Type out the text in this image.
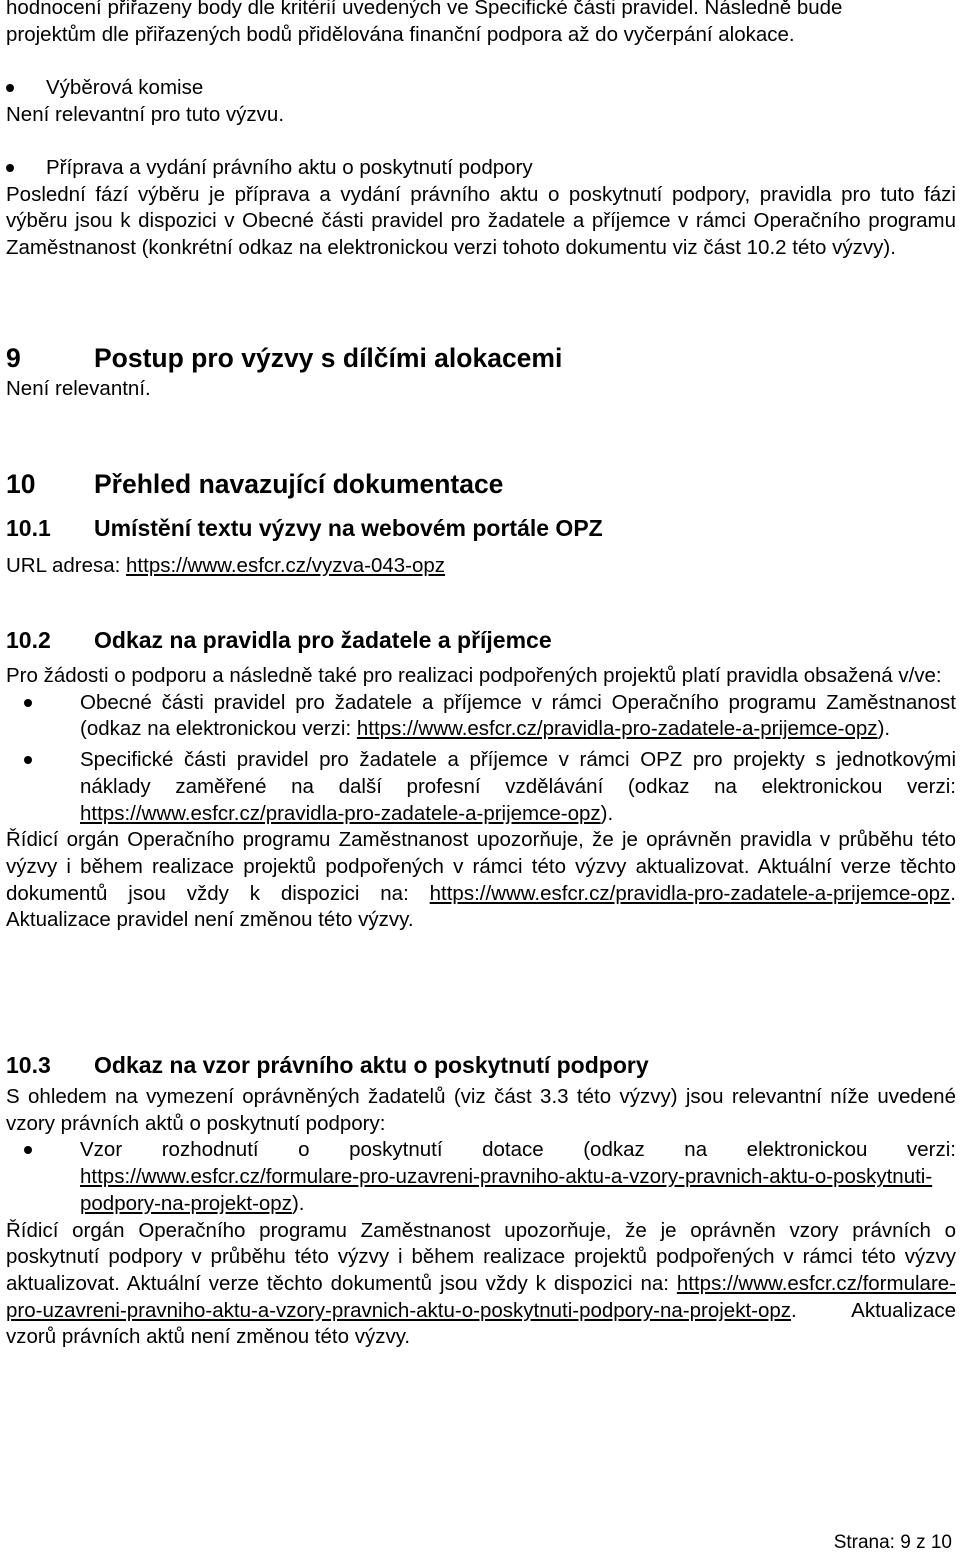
hodnocení přiřazeny body dle kritérií uvedených ve Specifické části pravidel. Následně bude

projektům dle přiřazených bodů přidělována finanční podpora až do vyčerpání alokace.

Výběrová komise

Není relevantní pro tuto výzvu.

Příprava a vydání právního aktu o poskytnutí podpory

Poslední fází výběru je příprava a vydání právního aktu o poskytnutí podpory, pravidla pro tuto fázi výběru jsou k dispozici v Obecné části pravidel pro žadatele a příjemce v rámci Operačního programu Zaměstnanost (konkrétní odkaz na elektronickou verzi tohoto dokumentu viz část 10.2 této výzvy).

9	Postup pro výzvy s dílčími alokacemi

Není relevantní.

10 Přehled navazující dokumentace
10.1 Umístění textu výzvy na webovém portále OPZ

URL adresa: https://www.esfcr.cz/vyzva-043-opz

10.2 Odkaz na pravidla pro žadatele a příjemce

Pro žádosti o podporu a následně také pro realizaci podpořených projektů platí pravidla obsažená v/ve:

Obecné části pravidel pro žadatele a příjemce v rámci Operačního programu Zaměstnanost (odkaz na elektronickou verzi: https://www.esfcr.cz/pravidla-pro-zadatele-a-prijemce-opz).

Specifické části pravidel pro žadatele a příjemce v rámci OPZ pro projekty s jednotkovými náklady zaměřené na další profesní vzdělávání (odkaz na elektronickou verzi: https://www.esfcr.cz/pravidla-pro-zadatele-a-prijemce-opz).

Řídicí orgán Operačního programu Zaměstnanost upozorňuje, že je oprávněn pravidla v průběhu této výzvy i během realizace projektů podpořených v rámci této výzvy aktualizovat. Aktuální verze těchto dokumentů jsou vždy k dispozici na: https://www.esfcr.cz/pravidla-pro-zadatele-a-prijemce-opz. Aktualizace pravidel není změnou této výzvy.

10.3 Odkaz na vzor právního aktu o poskytnutí podpory

S ohledem na vymezení oprávněných žadatelů (viz část 3.3 této výzvy) jsou relevantní níže uvedené vzory právních aktů o poskytnutí podpory:

Vzor rozhodnutí o poskytnutí dotace (odkaz na elektronickou verzi: https://www.esfcr.cz/formulare-pro-uzavreni-pravniho-aktu-a-vzory-pravnich-aktu-o-poskytnuti-podpory-na-projekt-opz).

Řídicí orgán Operačního programu Zaměstnanost upozorňuje, že je oprávněn vzory právních o poskytnutí podpory v průběhu této výzvy i během realizace projektů podpořených v rámci této výzvy aktualizovat. Aktuální verze těchto dokumentů jsou vždy k dispozici na: https://www.esfcr.cz/formulare-pro-uzavreni-pravniho-aktu-a-vzory-pravnich-aktu-o-poskytnuti-podpory-na-projekt-opz. Aktualizace vzorů právních aktů není změnou této výzvy.

Strana: 9 z 10
